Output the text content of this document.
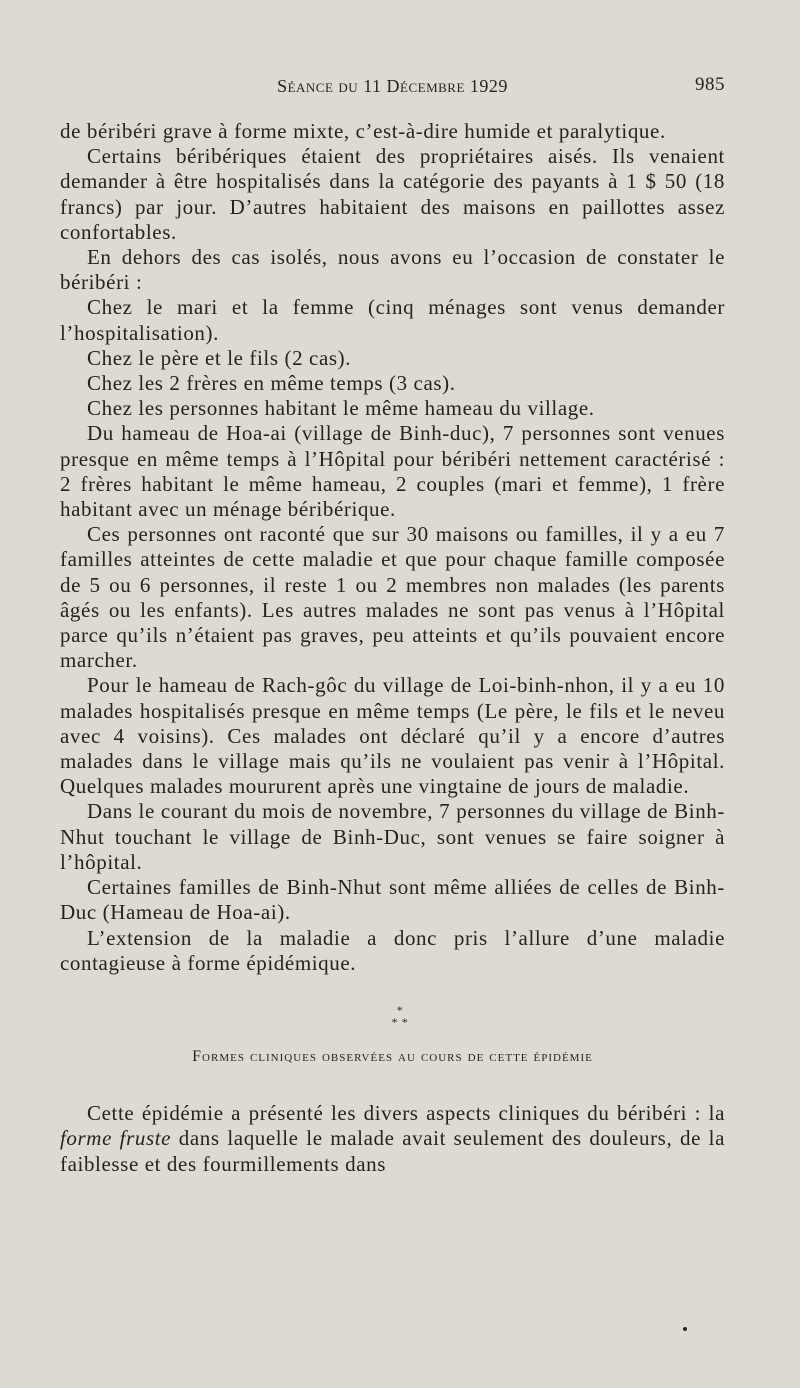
Séance du 11 Décembre 1929	985

de béribéri grave à forme mixte, c’est-à-dire humide et paralytique.

Certains béribériques étaient des propriétaires aisés. Ils venaient demander à être hospitalisés dans la catégorie des payants à 1 $ 50 (18 francs) par jour. D’autres habitaient des maisons en paillottes assez confortables.

En dehors des cas isolés, nous avons eu l’occasion de constater le béribéri :

Chez le mari et la femme (cinq ménages sont venus demander l’hospitalisation).

Chez le père et le fils (2 cas).

Chez les 2 frères en même temps (3 cas).

Chez les personnes habitant le même hameau du village.

Du hameau de Hoa-ai (village de Binh-duc), 7 personnes sont venues presque en même temps à l’Hôpital pour béribéri nettement caractérisé : 2 frères habitant le même hameau, 2 couples (mari et femme), 1 frère habitant avec un ménage béribérique.

Ces personnes ont raconté que sur 30 maisons ou familles, il y a eu 7 familles atteintes de cette maladie et que pour chaque famille composée de 5 ou 6 personnes, il reste 1 ou 2 membres non malades (les parents âgés ou les enfants). Les autres malades ne sont pas venus à l’Hôpital parce qu’ils n’étaient pas graves, peu atteints et qu’ils pouvaient encore marcher.

Pour le hameau de Rach-gôc du village de Loi-binh-nhon, il y a eu 10 malades hospitalisés presque en même temps (Le père, le fils et le neveu avec 4 voisins). Ces malades ont déclaré qu’il y a encore d’autres malades dans le village mais qu’ils ne voulaient pas venir à l’Hôpital. Quelques malades moururent après une vingtaine de jours de maladie.

Dans le courant du mois de novembre, 7 personnes du village de Binh-Nhut touchant le village de Binh-Duc, sont venues se faire soigner à l’hôpital.

Certaines familles de Binh-Nhut sont même alliées de celles de Binh-Duc (Hameau de Hoa-ai).

L’extension de la maladie a donc pris l’allure d’une maladie contagieuse à forme épidémique.

*
* *
Formes cliniques observées au cours de cette épidémie

Cette épidémie a présenté les divers aspects cliniques du béribéri : la forme fruste dans laquelle le malade avait seulement des douleurs, de la faiblesse et des fourmillements dans
